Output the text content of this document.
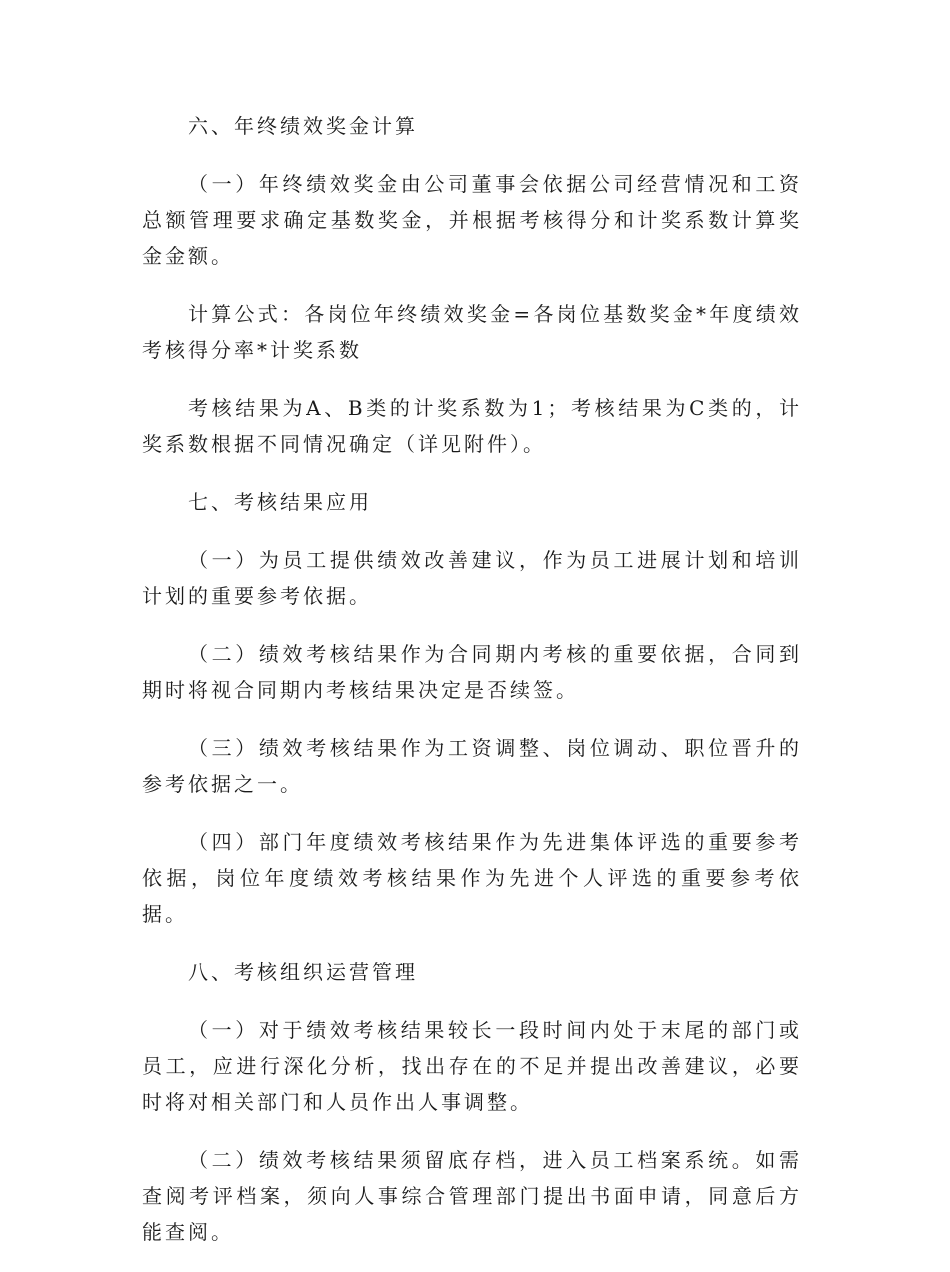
六、年终绩效奖金计算

（一）年终绩效奖金由公司董事会依据公司经营情况和工资总额管理要求确定基数奖金，并根据考核得分和计奖系数计算奖金金额。

计算公式：各岗位年终绩效奖金=各岗位基数奖金*年度绩效考核得分率*计奖系数

考核结果为A、B类的计奖系数为1；考核结果为C类的，计奖系数根据不同情况确定（详见附件）。

七、考核结果应用

（一）为员工提供绩效改善建议，作为员工进展计划和培训计划的重要参考依据。

（二）绩效考核结果作为合同期内考核的重要依据，合同到期时将视合同期内考核结果决定是否续签。

（三）绩效考核结果作为工资调整、岗位调动、职位晋升的参考依据之一。

（四）部门年度绩效考核结果作为先进集体评选的重要参考依据，岗位年度绩效考核结果作为先进个人评选的重要参考依据。

八、考核组织运营管理

（一）对于绩效考核结果较长一段时间内处于末尾的部门或员工，应进行深化分析，找出存在的不足并提出改善建议，必要时将对相关部门和人员作出人事调整。

（二）绩效考核结果须留底存档，进入员工档案系统。如需查阅考评档案，须向人事综合管理部门提出书面申请，同意后方能查阅。
